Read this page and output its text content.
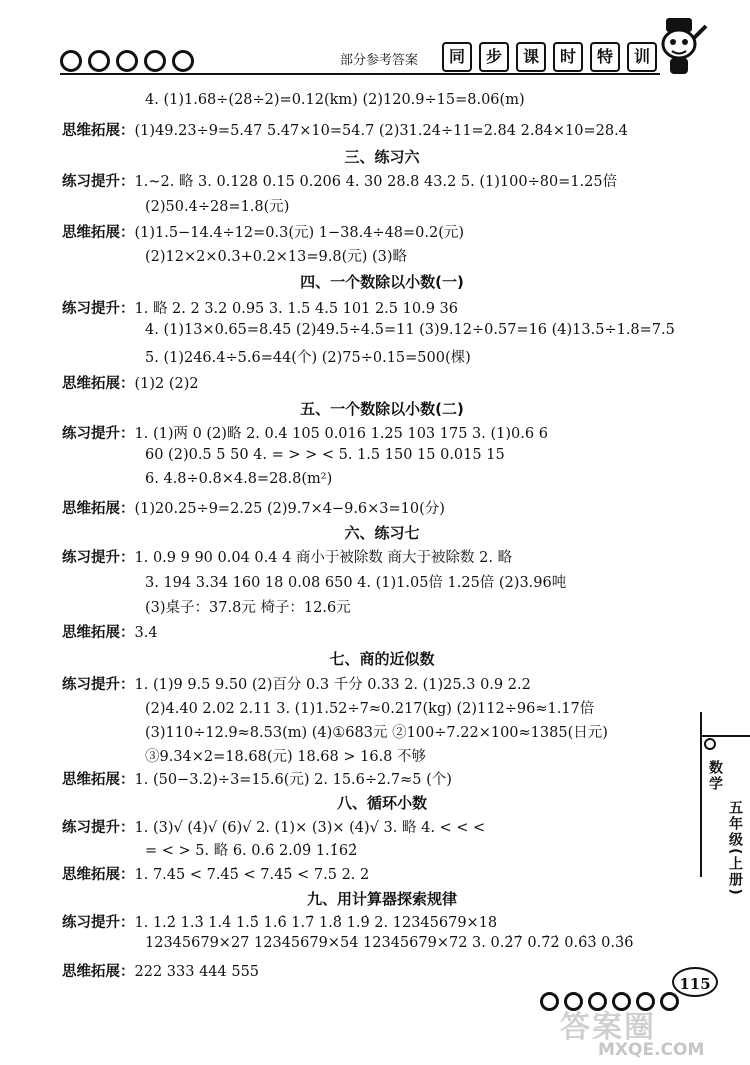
部分参考答案	同	步	课	时	特	训
4. (1)1.68÷(28÷2)=0.12(km) (2)120.9÷15=8.06(m)
思维拓展：(1)49.23÷9=5.47 5.47×10=54.7 (2)31.24÷11=2.84 2.84×10=28.4
三、练习六
练习提升：1.~2. 略 3. 0.128 0.15 0.206 4. 30 28.8 43.2 5. (1)100÷80=1.25倍
(2)50.4÷28=1.8(元)
思维拓展：(1)1.5−14.4÷12=0.3(元) 1−38.4÷48=0.2(元)
(2)12×2×0.3+0.2×13=9.8(元) (3)略
四、一个数除以小数(一)
练习提升：1. 略 2. 2 3.2 0.95 3. 1.5 4.5 101 2.5 10.9 36
4. (1)13×0.65=8.45 (2)49.5÷4.5=11 (3)9.12÷0.57=16 (4)13.5÷1.8=7.5
5. (1)246.4÷5.6=44(个) (2)75÷0.15=500(棵)
思维拓展：(1)2 (2)2
五、一个数除以小数(二)
练习提升：1. (1)两 0 (2)略 2. 0.4 105 0.016 1.25 103 175 3. (1)0.6 6
60 (2)0.5 5 50 4. = > > < 5. 1.5 150 15 0.015 15
6. 4.8÷0.8×4.8=28.8(m²)
思维拓展：(1)20.25÷9=2.25 (2)9.7×4−9.6×3=10(分)
六、练习七
练习提升：1. 0.9 9 90 0.04 0.4 4 商小于被除数 商大于被除数 2. 略
3. 194 3.34 160 18 0.08 650 4. (1)1.05倍 1.25倍 (2)3.96吨
(3)桌子：37.8元 椅子：12.6元
思维拓展：3.4
七、商的近似数
练习提升：1. (1)9 9.5 9.50 (2)百分 0.3 千分 0.33 2. (1)25.3 0.9 2.2
(2)4.40 2.02 2.11 3. (1)1.52÷7≈0.217(kg) (2)112÷96≈1.17倍
(3)110÷12.9≈8.53(m) (4)①683元 ②100÷7.22×100≈1385(日元)
③9.34×2=18.68(元) 18.68 > 16.8 不够
思维拓展：1. (50−3.2)÷3=15.6(元) 2. 15.6÷2.7≈5 (个)
八、循环小数
练习提升：1. (3)√ (4)√ (6)√ 2. (1)× (3)× (4)√ 3. 略 4. < < <
= < > 5. 略 6. 0.6̇ 2.0̇9̇ 1.1̇62̇
思维拓展：1. 7.45 < 7.4̇5̇ < 7.45̇ < 7.5 2. 2
九、用计算器探索规律
练习提升：1. 1.2̇ 1.3̇ 1.4̇ 1.5̇ 1.6̇ 1.7̇ 1.8̇ 1.9̇ 2. 12345679×18
12345679×27 12345679×54 12345679×72 3. 0.2̇7̇ 0.7̇2̇ 0.6̇3̇ 0.3̇6̇
思维拓展：222 333 444 555
数学
五年级(上册)
115
答案圈
MXQE.COM
